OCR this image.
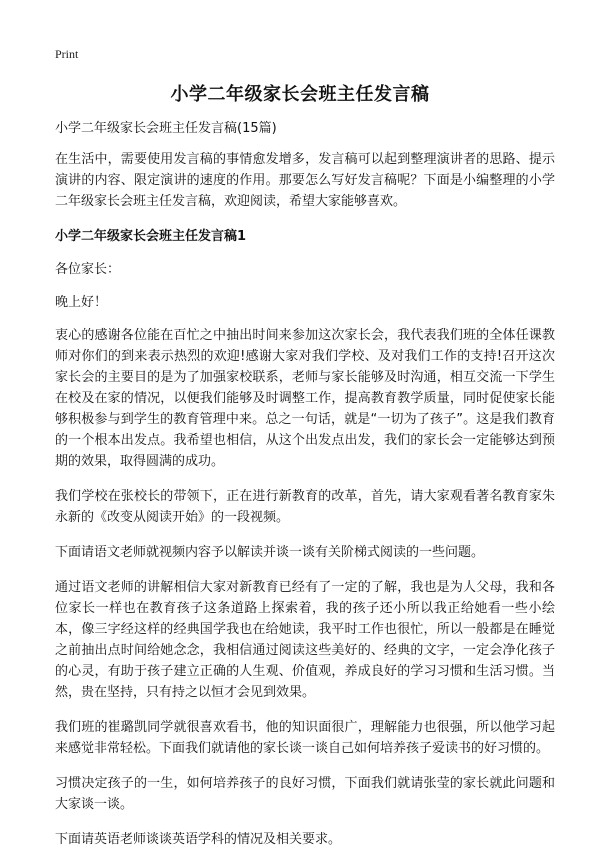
Print
小学二年级家长会班主任发言稿

小学二年级家长会班主任发言稿(15篇)

在生活中，需要使用发言稿的事情愈发增多，发言稿可以起到整理演讲者的思路、提示演讲的内容、限定演讲的速度的作用。那要怎么写好发言稿呢？下面是小编整理的小学二年级家长会班主任发言稿，欢迎阅读，希望大家能够喜欢。

小学二年级家长会班主任发言稿1

各位家长：

晚上好！

衷心的感谢各位能在百忙之中抽出时间来参加这次家长会，我代表我们班的全体任课教师对你们的到来表示热烈的欢迎!感谢大家对我们学校、及对我们工作的支持!召开这次家长会的主要目的是为了加强家校联系，老师与家长能够及时沟通，相互交流一下学生在校及在家的情况，以便我们能够及时调整工作，提高教育教学质量，同时促使家长能够积极参与到学生的教育管理中来。总之一句话，就是“一切为了孩子”。这是我们教育的一个根本出发点。我希望也相信，从这个出发点出发，我们的家长会一定能够达到预期的效果，取得圆满的成功。

我们学校在张校长的带领下，正在进行新教育的改革，首先，请大家观看著名教育家朱永新的《改变从阅读开始》的一段视频。

下面请语文老师就视频内容予以解读并谈一谈有关阶梯式阅读的一些问题。

通过语文老师的讲解相信大家对新教育已经有了一定的了解，我也是为人父母，我和各位家长一样也在教育孩子这条道路上探索着，我的孩子还小所以我正给她看一些小绘本，像三字经这样的经典国学我也在给她读，我平时工作也很忙，所以一般都是在睡觉之前抽出点时间给她念念，我相信通过阅读这些美好的、经典的文字，一定会净化孩子的心灵，有助于孩子建立正确的人生观、价值观，养成良好的学习习惯和生活习惯。当然，贵在坚持，只有持之以恒才会见到效果。

我们班的崔璐凯同学就很喜欢看书，他的知识面很广，理解能力也很强，所以他学习起来感觉非常轻松。下面我们就请他的家长谈一谈自己如何培养孩子爱读书的好习惯的。

习惯决定孩子的一生，如何培养孩子的良好习惯，下面我们就请张莹的家长就此问题和大家谈一谈。

下面请英语老师谈谈英语学科的情况及相关要求。
